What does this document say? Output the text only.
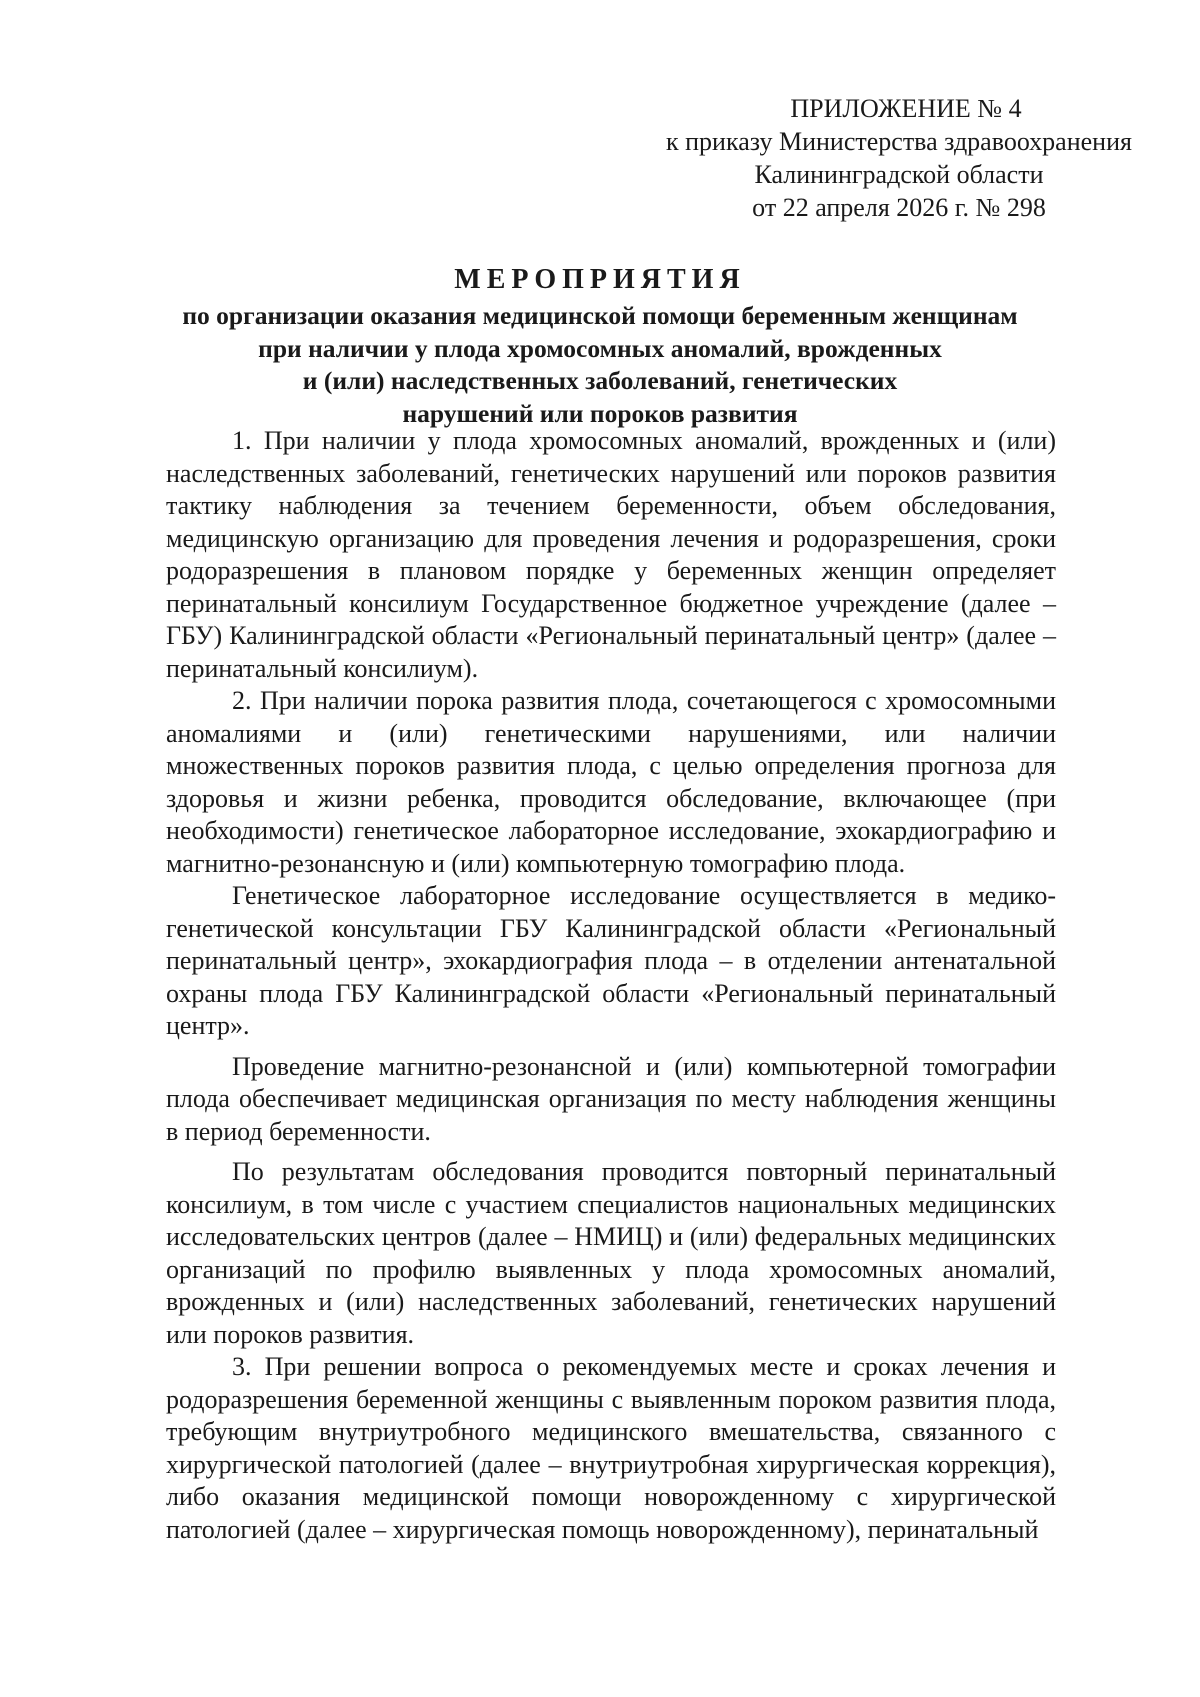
ПРИЛОЖЕНИЕ № 4
к приказу Министерства здравоохранения
Калининградской области
от 22 апреля 2026 г. № 298
МЕРОПРИЯТИЯ
по организации оказания медицинской помощи беременным женщинам
при наличии у плода хромосомных аномалий, врожденных
и (или) наследственных заболеваний, генетических
нарушений или пороков развития

1. При наличии у плода хромосомных аномалий, врожденных и (или) наследственных заболеваний, генетических нарушений или пороков развития тактику наблюдения за течением беременности, объем обследования, медицинскую организацию для проведения лечения и родоразрешения, сроки родоразрешения в плановом порядке у беременных женщин определяет перинатальный консилиум Государственное бюджетное учреждение (далее – ГБУ) Калининградской области «Региональный перинатальный центр» (далее – перинатальный консилиум).

2. При наличии порока развития плода, сочетающегося с хромосомными аномалиями и (или) генетическими нарушениями, или наличии множественных пороков развития плода, с целью определения прогноза для здоровья и жизни ребенка, проводится обследование, включающее (при необходимости) генетическое лабораторное исследование, эхокардиографию и магнитно-резонансную и (или) компьютерную томографию плода.

Генетическое лабораторное исследование осуществляется в медико-генетической консультации ГБУ Калининградской области «Региональный перинатальный центр», эхокардиография плода – в отделении антенатальной охраны плода ГБУ Калининградской области «Региональный перинатальный центр».

Проведение магнитно-резонансной и (или) компьютерной томографии плода обеспечивает медицинская организация по месту наблюдения женщины в период беременности.

По результатам обследования проводится повторный перинатальный консилиум, в том числе с участием специалистов национальных медицинских исследовательских центров (далее – НМИЦ) и (или) федеральных медицинских организаций по профилю выявленных у плода хромосомных аномалий, врожденных и (или) наследственных заболеваний, генетических нарушений или пороков развития.

3. При решении вопроса о рекомендуемых месте и сроках лечения и родоразрешения беременной женщины с выявленным пороком развития плода, требующим внутриутробного медицинского вмешательства, связанного с хирургической патологией (далее – внутриутробная хирургическая коррекция), либо оказания медицинской помощи новорожденному с хирургической патологией (далее – хирургическая помощь новорожденному), перинатальный
